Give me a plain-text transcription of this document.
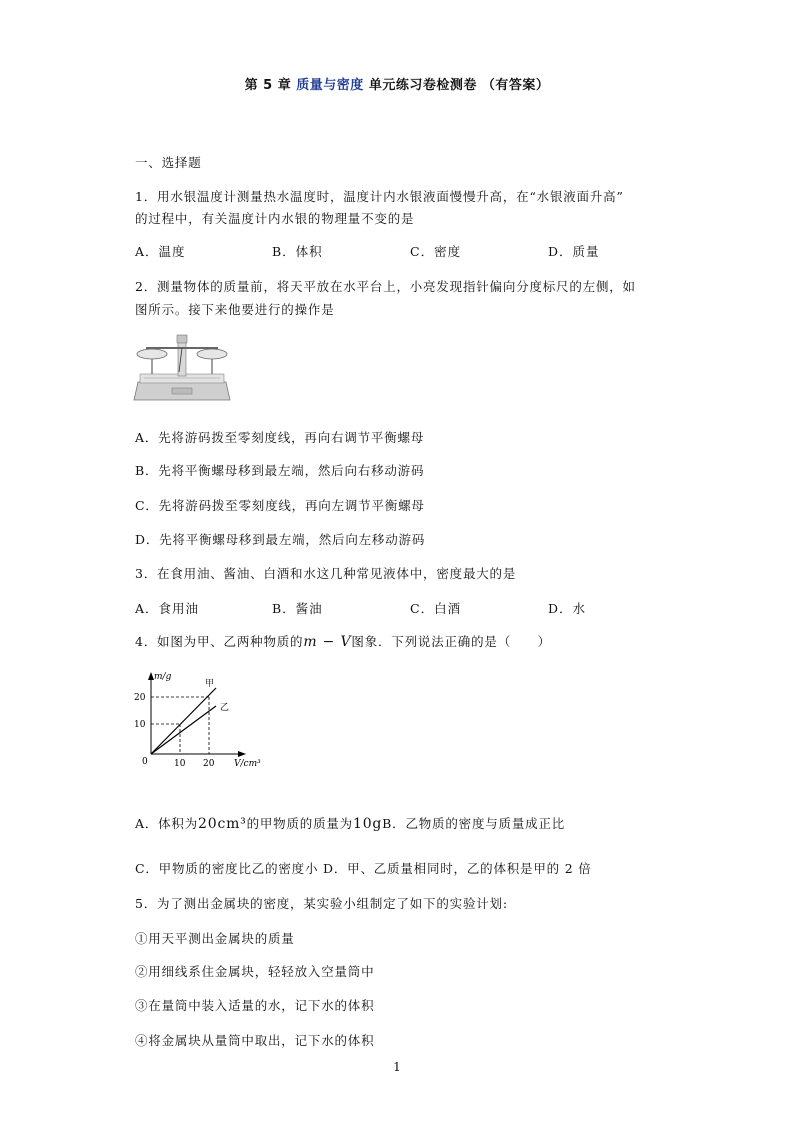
第 5 章 质量与密度 单元练习卷检测卷 （有答案）
一、选择题
1．用水银温度计测量热水温度时，温度计内水银液面慢慢升高，在“水银液面升高”
的过程中，有关温度计内水银的物理量不变的是
A．温度	B．体积	C．密度	D．质量
2．测量物体的质量前，将天平放在水平台上，小亮发现指针偏向分度标尺的左侧，如
图所示。接下来他要进行的操作是
A．先将游码拨至零刻度线，再向右调节平衡螺母
B．先将平衡螺母移到最左端，然后向右移动游码
C．先将游码拨至零刻度线，再向左调节平衡螺母
D．先将平衡螺母移到最左端，然后向左移动游码
3．在食用油、酱油、白酒和水这几种常见液体中，密度最大的是
A．食用油	B．酱油	C．白酒	D．水
4．如图为甲、乙两种物质的m − V图象．下列说法正确的是（　　）
m/g
20
10
0	10 20 V/cm³
甲
乙
A．体积为20cm³的甲物质的质量为10gB．乙物质的密度与质量成正比
C．甲物质的密度比乙的密度小 D．甲、乙质量相同时，乙的体积是甲的 2 倍
5．为了测出金属块的密度，某实验小组制定了如下的实验计划:
①用天平测出金属块的质量
②用细线系住金属块，轻轻放入空量筒中
③在量筒中装入适量的水，记下水的体积
④将金属块从量筒中取出，记下水的体积
1
